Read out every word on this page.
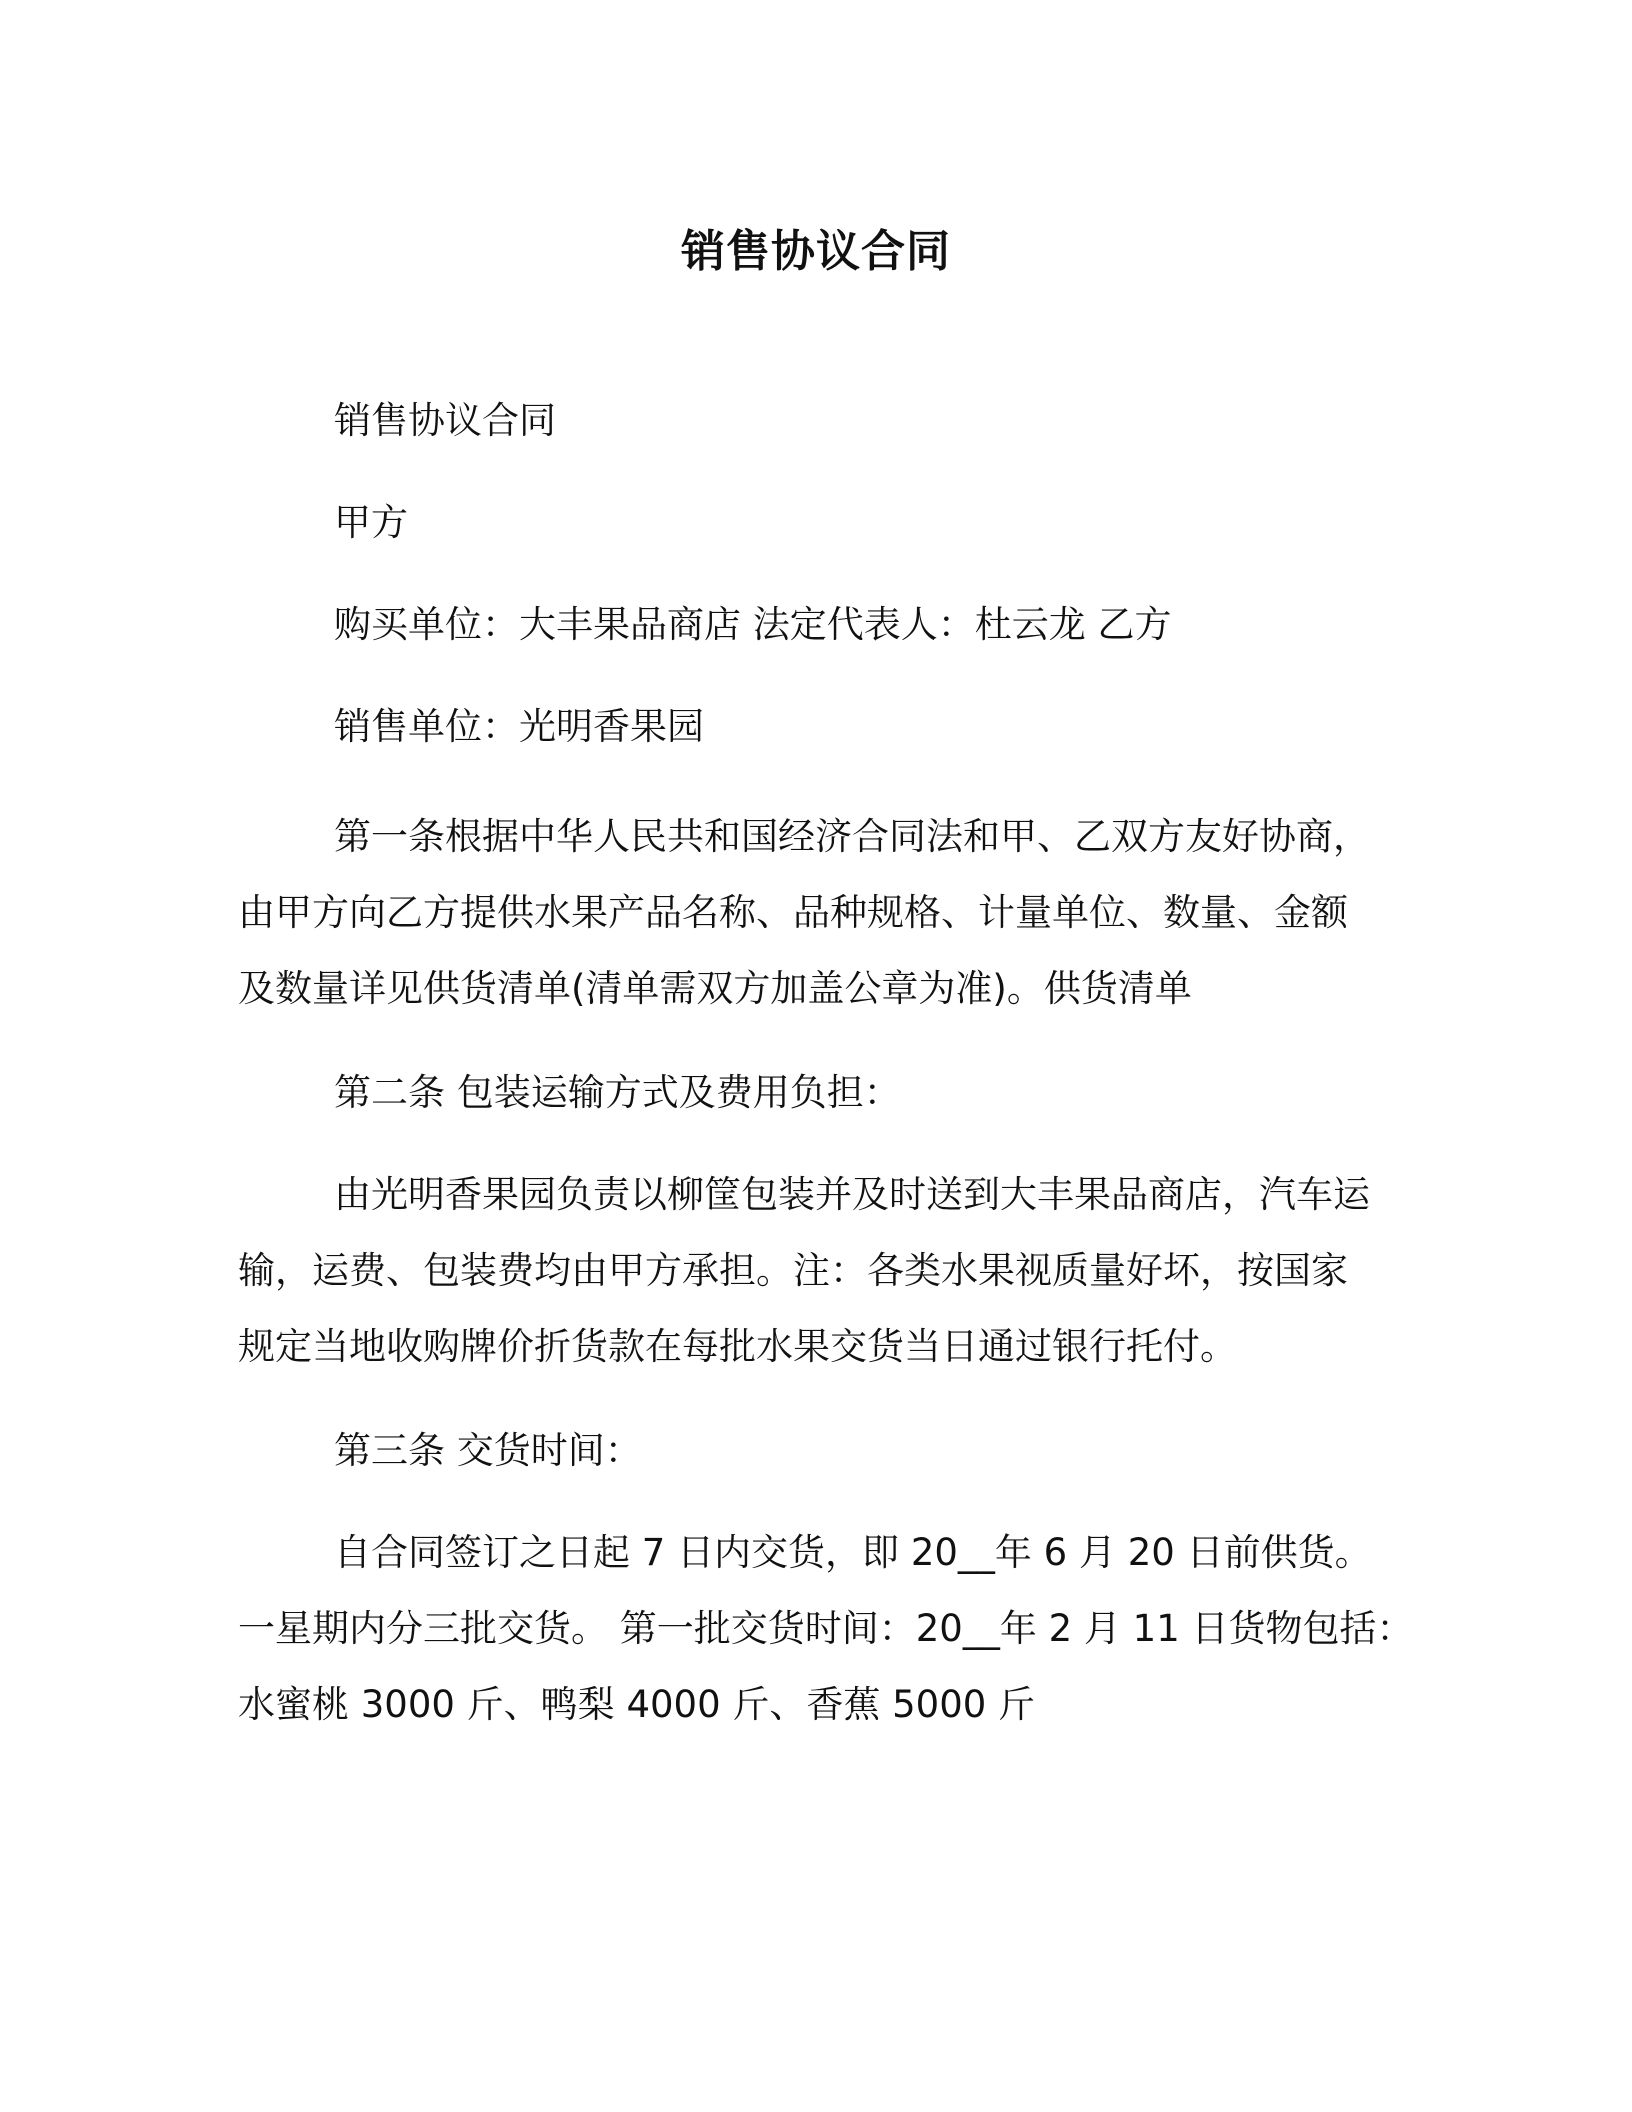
销售协议合同
销售协议合同
甲方
购买单位：大丰果品商店 法定代表人：杜云龙 乙方
销售单位：光明香果园
第一条根据中华人民共和国经济合同法和甲、乙双方友好协商，
由甲方向乙方提供水果产品名称、品种规格、计量单位、数量、金额
及数量详见供货清单(清单需双方加盖公章为准)。供货清单
第二条 包装运输方式及费用负担：
由光明香果园负责以柳筐包装并及时送到大丰果品商店，汽车运
输，运费、包装费均由甲方承担。注：各类水果视质量好坏，按国家
规定当地收购牌价折货款在每批水果交货当日通过银行托付。
第三条 交货时间：
自合同签订之日起 7 日内交货，即 20__年 6 月 20 日前供货。
一星期内分三批交货。 第一批交货时间：20__年 2 月 11 日货物包括：
水蜜桃 3000 斤、鸭梨 4000 斤、香蕉 5000 斤
